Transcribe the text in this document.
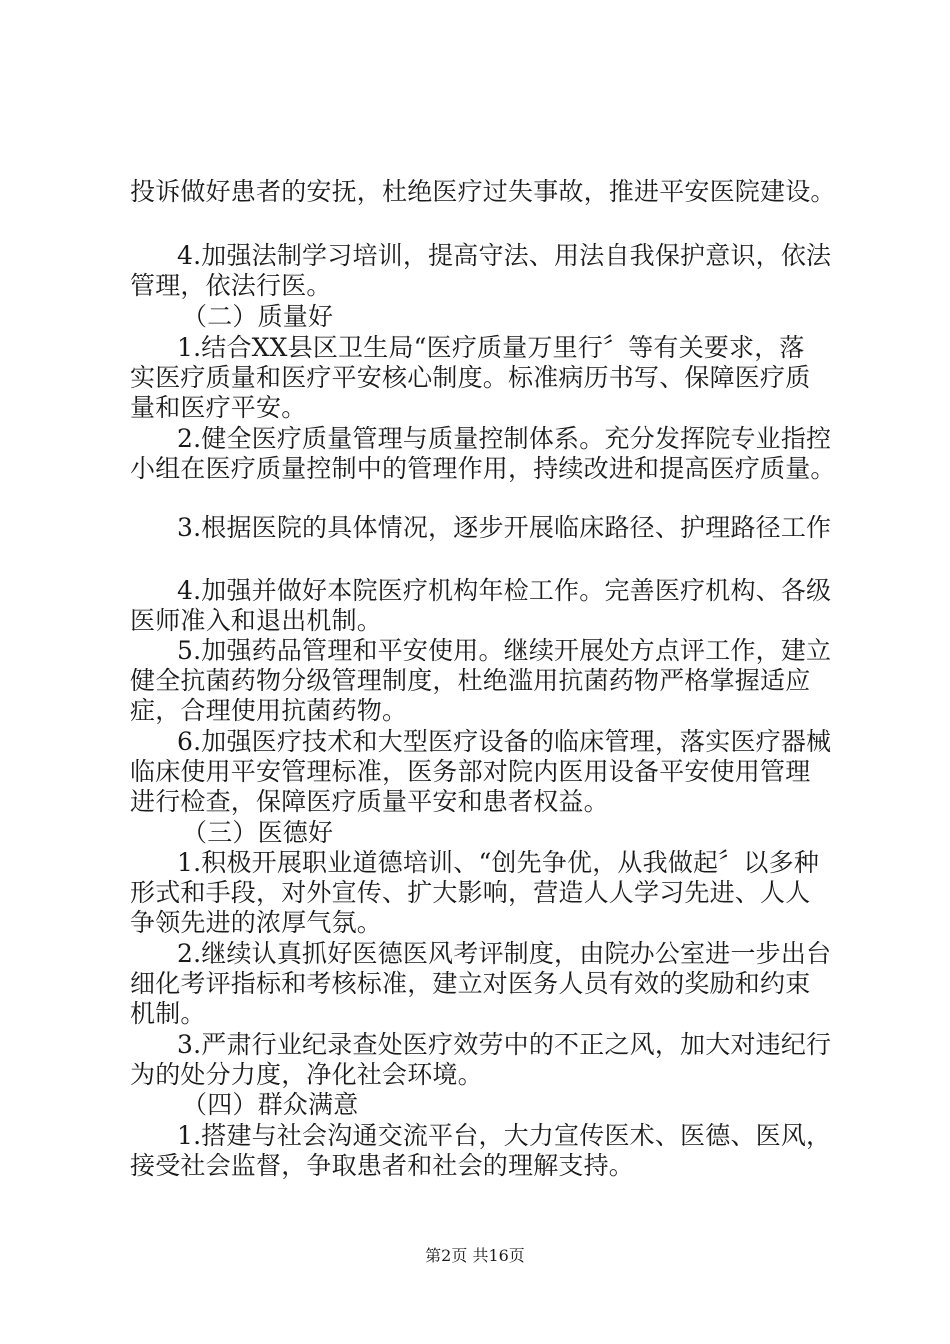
投诉做好患者的安抚，杜绝医疗过失事故，推进平安医院建设。
4.加强法制学习培训，提高守法、用法自我保护意识，依法
管理，依法行医。
（二）质量好
1.结合XX县区卫生局“医疗质量万里行〞等有关要求，落
实医疗质量和医疗平安核心制度。标准病历书写、保障医疗质
量和医疗平安。
2.健全医疗质量管理与质量控制体系。充分发挥院专业指控
小组在医疗质量控制中的管理作用，持续改进和提高医疗质量。
3.根据医院的具体情况，逐步开展临床路径、护理路径工作
4.加强并做好本院医疗机构年检工作。完善医疗机构、各级
医师准入和退出机制。
5.加强药品管理和平安使用。继续开展处方点评工作，建立
健全抗菌药物分级管理制度，杜绝滥用抗菌药物严格掌握适应
症，合理使用抗菌药物。
6.加强医疗技术和大型医疗设备的临床管理，落实医疗器械
临床使用平安管理标准，医务部对院内医用设备平安使用管理
进行检查，保障医疗质量平安和患者权益。
（三）医德好
1.积极开展职业道德培训、“创先争优，从我做起〞以多种
形式和手段，对外宣传、扩大影响，营造人人学习先进、人人
争领先进的浓厚气氛。
2.继续认真抓好医德医风考评制度，由院办公室进一步出台
细化考评指标和考核标准，建立对医务人员有效的奖励和约束
机制。
3.严肃行业纪录查处医疗效劳中的不正之风，加大对违纪行
为的处分力度，净化社会环境。
（四）群众满意
1.搭建与社会沟通交流平台，大力宣传医术、医德、医风，
接受社会监督，争取患者和社会的理解支持。
第2页 共16页
